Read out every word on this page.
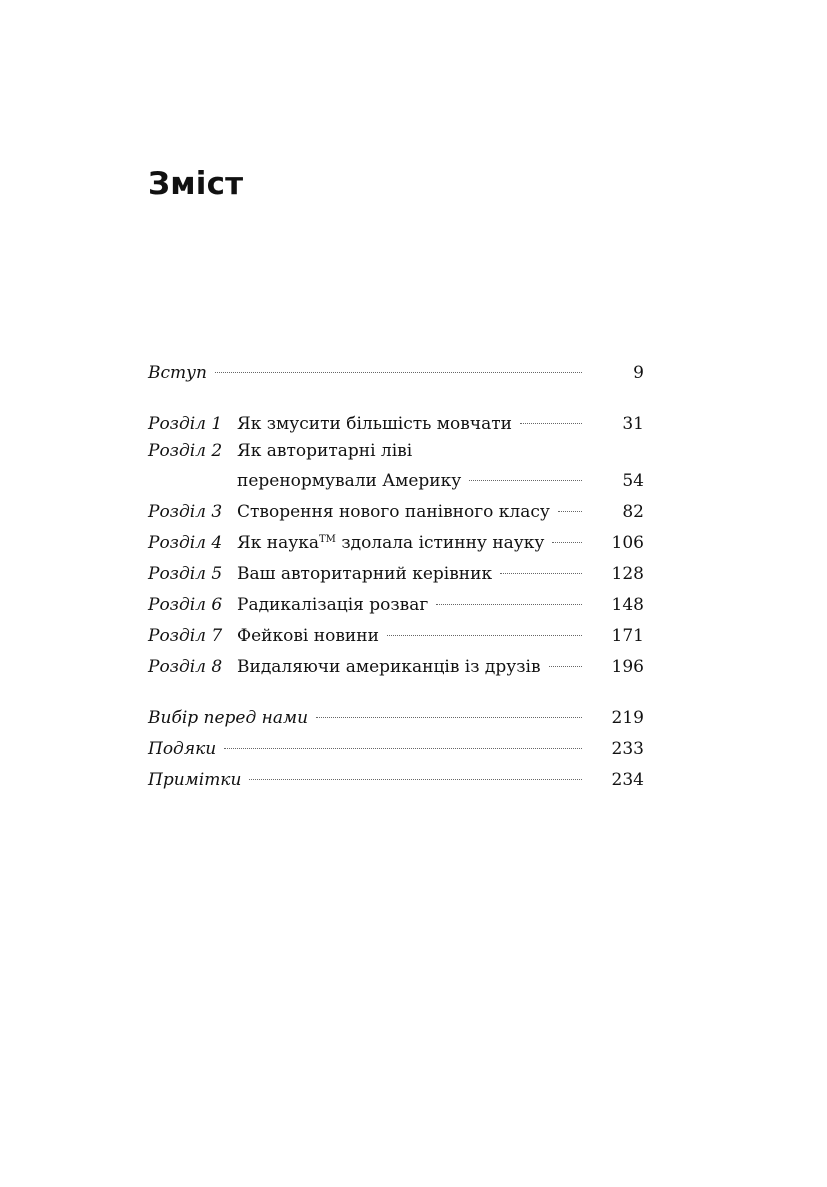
Зміст
Вступ	9
Розділ 1 Як змусити більшість мовчати	31
Розділ 2 Як авторитарні ліві
перенормували Америку	54
Розділ 3 Створення нового панівного класу	82
Розділ 4 Як наука™ здолала істинну науку	106
Розділ 5 Ваш авторитарний керівник	128
Розділ 6 Радикалізація розваг	148
Розділ 7 Фейкові новини	171
Розділ 8 Видаляючи американців із друзів	196
Вибір перед нами	219
Подяки	233
Примітки	234
